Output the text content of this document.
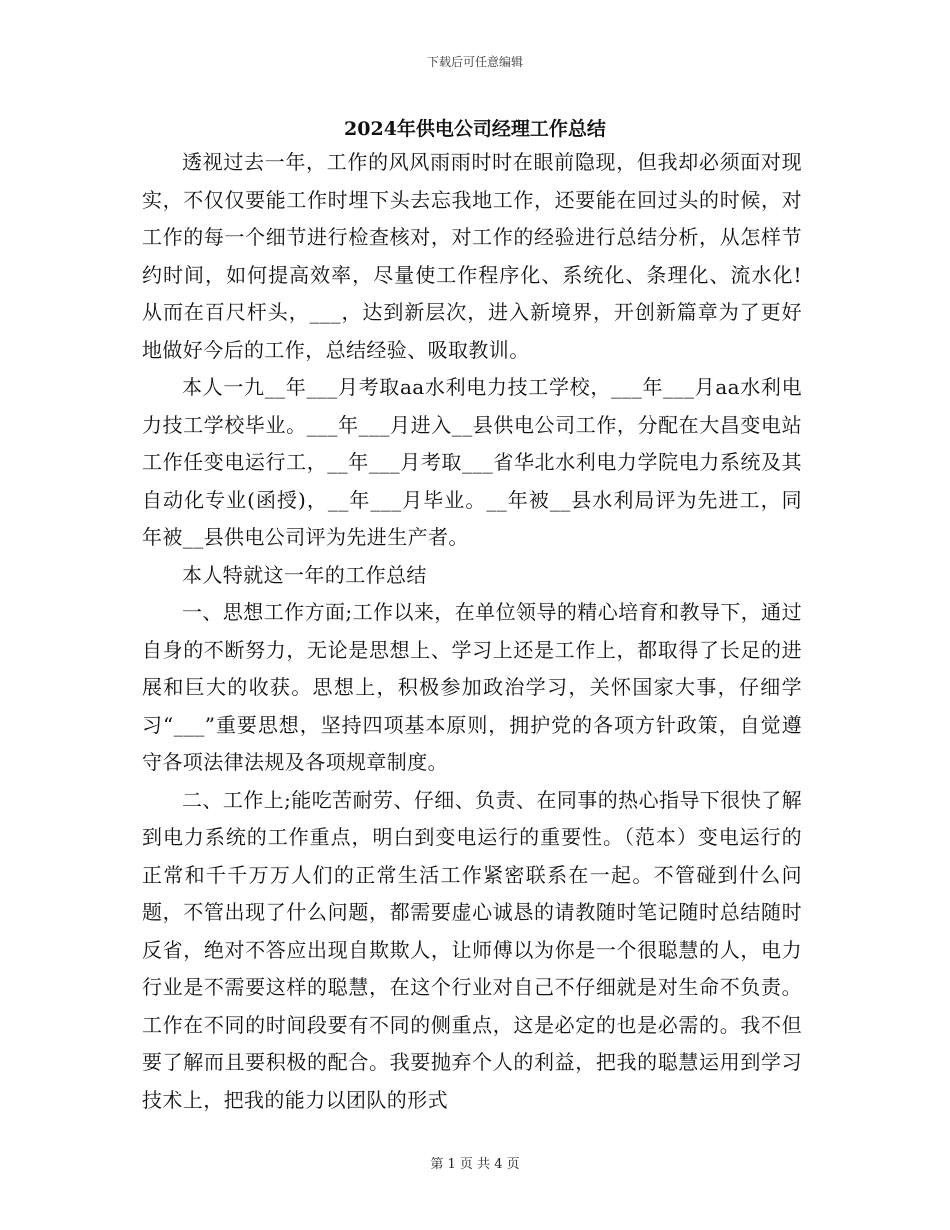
下载后可任意编辑
2024年供电公司经理工作总结

透视过去一年，工作的风风雨雨时时在眼前隐现，但我却必须面对现实，不仅仅要能工作时埋下头去忘我地工作，还要能在回过头的时候，对工作的每一个细节进行检查核对，对工作的经验进行总结分析，从怎样节约时间，如何提高效率，尽量使工作程序化、系统化、条理化、流水化!从而在百尺杆头，___，达到新层次，进入新境界，开创新篇章为了更好地做好今后的工作，总结经验、吸取教训。

本人一九__年___月考取aa水利电力技工学校，___年___月aa水利电力技工学校毕业。___年___月进入__县供电公司工作，分配在大昌变电站工作任变电运行工，__年___月考取___省华北水利电力学院电力系统及其自动化专业(函授)，__年___月毕业。__年被__县水利局评为先进工，同年被__县供电公司评为先进生产者。

本人特就这一年的工作总结

一、思想工作方面;工作以来，在单位领导的精心培育和教导下，通过自身的不断努力，无论是思想上、学习上还是工作上，都取得了长足的进展和巨大的收获。思想上，积极参加政治学习，关怀国家大事，仔细学习“___”重要思想，坚持四项基本原则，拥护党的各项方针政策，自觉遵守各项法律法规及各项规章制度。

二、工作上;能吃苦耐劳、仔细、负责、在同事的热心指导下很快了解到电力系统的工作重点，明白到变电运行的重要性。（范本）变电运行的正常和千千万万人们的正常生活工作紧密联系在一起。不管碰到什么问题，不管出现了什么问题，都需要虚心诚恳的请教随时笔记随时总结随时反省，绝对不答应出现自欺欺人，让师傅以为你是一个很聪慧的人，电力行业是不需要这样的聪慧，在这个行业对自己不仔细就是对生命不负责。工作在不同的时间段要有不同的侧重点，这是必定的也是必需的。我不但要了解而且要积极的配合。我要抛弃个人的利益，把我的聪慧运用到学习技术上，把我的能力以团队的形式

第 1 页 共 4 页
